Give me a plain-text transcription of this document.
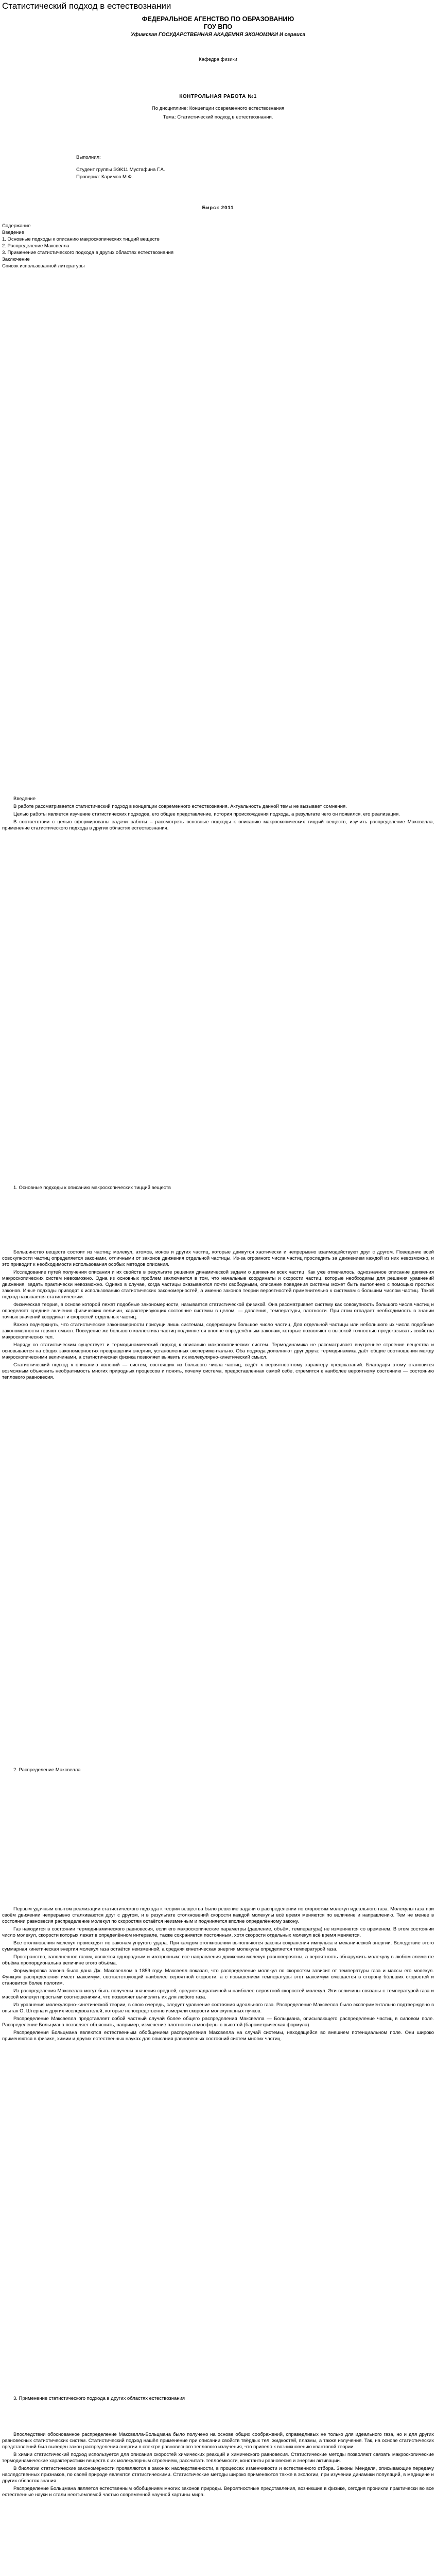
Статистический подход в естествознании
ФЕДЕРАЛЬНОЕ АГЕНСТВО ПО ОБРАЗОВАНИЮ
ГОУ ВПО
Уфимская ГОСУДАРСТВЕННАЯ АКАДЕМИЯ ЭКОНОМИКИ И сервиса
Кафедра физики
КОНТРОЛЬНАЯ РАБОТА №1
По дисциплине: Концепции современного естествознания
Тема: Статистический подход в естествознании.
Выполнил:
Студент группы ЭЭК11 Мустафина Г.А.
Проверил: Каримов М.Ф.
Бирск 2011
Содержание
Введение
1. Основные подходы к описанию макроскопических тицций веществ
2. Распределение Максвелла
3. Применение статистического подхода в других областях естествознания
Заключение
Список использованной литературы

Введение

В работе рассматривается статистический подход в концепции современного естествознания. Актуальность данной темы не вызывает сомнения.

Целью работы является изучение статистических подходов, его общее представление, история происхождения подхода, а результате чего он появился, его реализация.

В соответствии с целью сформированы задачи работы – рассмотреть основные подходы к описанию макроскопических тицций веществ, изучить распределение Максвелла, применение статистического подхода в других областях естествознания.

1. Основные подходы к описанию макроскопических тицций веществ

Большинство веществ состоит из частиц: молекул, атомов, ионов и других частиц, которые движутся хаотически и непрерывно взаимодействуют друг с другом. Поведение всей совокупности частиц определяется законами, отличными от законов движения отдельной частицы. Из-за огромного числа частиц проследить за движением каждой из них невозможно, и это приводит к необходимости использования особых методов описания.

Исследование путей получения описания и их свойств в результате решения динамической задачи о движении всех частиц. Как уже отмечалось, однозначное описание движения макроскопических систем невозможно. Одна из основных проблем заключается в том, что начальные координаты и скорости частиц, которые необходимы для решения уравнений движения, задать практически невозможно. Однако в случае, когда частицы оказываются почти свободными, описание поведения системы может быть выполнено с помощью простых законов. Иные подходы приводят к использованию статистических закономерностей, а именно законов теории вероятностей применительно к системам с большим числом частиц. Такой подход называется статистическим.

Физическая теория, в основе которой лежат подобные закономерности, называется статистической физикой. Она рассматривает систему как совокупность большого числа частиц и определяет средние значения физических величин, характеризующих состояние системы в целом, — давления, температуры, плотности. При этом отпадает необходимость в знании точных значений координат и скоростей отдельных частиц.

Важно подчеркнуть, что статистические закономерности присущи лишь системам, содержащим большое число частиц. Для отдельной частицы или небольшого их числа подобные закономерности теряют смысл. Поведение же большого коллектива частиц подчиняется вполне определённым законам, которые позволяют с высокой точностью предсказывать свойства макроскопических тел.

Наряду со статистическим существует и термодинамический подход к описанию макроскопических систем. Термодинамика не рассматривает внутреннее строение вещества и основывается на общих закономерностях превращения энергии, установленных экспериментально. Оба подхода дополняют друг друга: термодинамика даёт общие соотношения между макроскопическими величинами, а статистическая физика позволяет выявить их молекулярно-кинетический смысл.

Статистический подход к описанию явлений — систем, состоящих из большого числа частиц, ведёт к вероятностному характеру предсказаний. Благодаря этому становится возможным объяснить необратимость многих природных процессов и понять, почему система, предоставленная самой себе, стремится к наиболее вероятному состоянию — состоянию теплового равновесия.

2. Распределение Максвелла

Первым удачным опытом реализации статистического подхода к теории вещества было решение задачи о распределении по скоростям молекул идеального газа. Молекулы газа при своём движении непрерывно сталкиваются друг с другом, и в результате столкновений скорости каждой молекулы всё время меняются по величине и направлению. Тем не менее в состоянии равновесия распределение молекул по скоростям остаётся неизменным и подчиняется вполне определённому закону.

Газ находится в состоянии термодинамического равновесия, если его макроскопические параметры (давление, объём, температура) не изменяются со временем. В этом состоянии число молекул, скорости которых лежат в определённом интервале, также сохраняется постоянным, хотя скорости отдельных молекул всё время меняются.

Все столкновения молекул происходят по законам упругого удара. При каждом столкновении выполняются законы сохранения импульса и механической энергии. Вследствие этого суммарная кинетическая энергия молекул газа остаётся неизменной, а средняя кинетическая энергия молекулы определяется температурой газа.

Пространство, заполненное газом, является однородным и изотропным: все направления движения молекул равновероятны, а вероятность обнаружить молекулу в любом элементе объёма пропорциональна величине этого объёма.

Формулировка закона была дана Дж. Максвеллом в 1859 году. Максвелл показал, что распределение молекул по скоростям зависит от температуры газа и массы его молекул. Функция распределения имеет максимум, соответствующий наиболее вероятной скорости, а с повышением температуры этот максимум смещается в сторону бо́льших скоростей и становится более пологим.

Из распределения Максвелла могут быть получены значения средней, среднеквадратичной и наиболее вероятной скоростей молекул. Эти величины связаны с температурой газа и массой молекул простыми соотношениями, что позволяет вычислять их для любого газа.

Из уравнения молекулярно-кинетической теории, в свою очередь, следует уравнение состояния идеального газа. Распределение Максвелла было экспериментально подтверждено в опытах О. Штерна и других исследователей, которые непосредственно измеряли скорости молекулярных пучков.

Распределение Максвелла представляет собой частный случай более общего распределения Максвелла — Больцмана, описывающего распределение частиц в силовом поле. Распределение Больцмана позволяет объяснить, например, изменение плотности атмосферы с высотой (барометрическая формула).

Распределения Больцмана являются естественным обобщением распределения Максвелла на случай системы, находящейся во внешнем потенциальном поле. Они широко применяются в физике, химии и других естественных науках для описания равновесных состояний систем многих частиц.

3. Применение статистического подхода в других областях естествознания

Впоследствии обоснованное распределение Максвелла-Больцмана было получено на основе общих соображений, справедливых не только для идеального газа, но и для других равновесных статистических систем. Статистический подход нашёл применение при описании свойств твёрдых тел, жидкостей, плазмы, а также излучения. Так, на основе статистических представлений был выведен закон распределения энергии в спектре равновесного теплового излучения, что привело к возникновению квантовой теории.

В химии статистический подход используется для описания скоростей химических реакций и химического равновесия. Статистические методы позволяют связать макроскопические термодинамические характеристики веществ с их молекулярным строением, рассчитать теплоёмкости, константы равновесия и энергии активации.

В биологии статистические закономерности проявляются в законах наследственности, в процессах изменчивости и естественного отбора. Законы Менделя, описывающие передачу наследственных признаков, по своей природе являются статистическими. Статистические методы широко применяются также в экологии, при изучении динамики популяций, в медицине и других областях знания.

Распределение Больцмана является естественным обобщением многих законов природы. Вероятностные представления, возникшие в физике, сегодня проникли практически во все естественные науки и стали неотъемлемой частью современной научной картины мира.
